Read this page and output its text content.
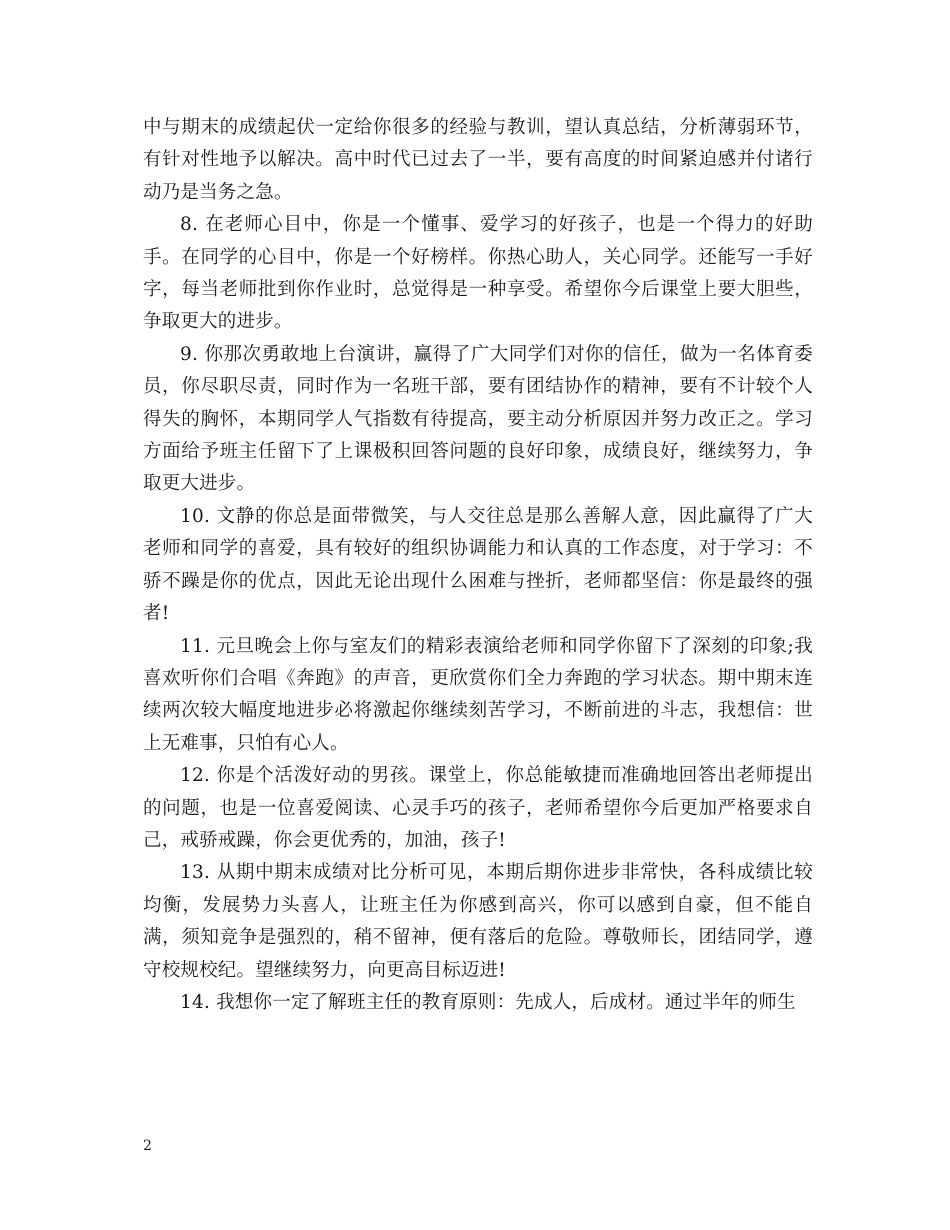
中与期末的成绩起伏一定给你很多的经验与教训，望认真总结，分析薄弱环节，有针对性地予以解决。高中时代已过去了一半，要有高度的时间紧迫感并付诸行动乃是当务之急。

8. 在老师心目中，你是一个懂事、爱学习的好孩子，也是一个得力的好助手。在同学的心目中，你是一个好榜样。你热心助人，关心同学。还能写一手好字，每当老师批到你作业时，总觉得是一种享受。希望你今后课堂上要大胆些，争取更大的进步。

9. 你那次勇敢地上台演讲，赢得了广大同学们对你的信任，做为一名体育委员，你尽职尽责，同时作为一名班干部，要有团结协作的精神，要有不计较个人得失的胸怀，本期同学人气指数有待提高，要主动分析原因并努力改正之。学习方面给予班主任留下了上课极积回答问题的良好印象，成绩良好，继续努力，争取更大进步。

10. 文静的你总是面带微笑，与人交往总是那么善解人意，因此赢得了广大老师和同学的喜爱，具有较好的组织协调能力和认真的工作态度，对于学习：不骄不躁是你的优点，因此无论出现什么困难与挫折，老师都坚信：你是最终的强者!

11. 元旦晚会上你与室友们的精彩表演给老师和同学你留下了深刻的印象;我喜欢听你们合唱《奔跑》的声音，更欣赏你们全力奔跑的学习状态。期中期末连续两次较大幅度地进步必将激起你继续刻苦学习，不断前进的斗志，我想信：世上无难事，只怕有心人。

12. 你是个活泼好动的男孩。课堂上，你总能敏捷而准确地回答出老师提出的问题，也是一位喜爱阅读、心灵手巧的孩子，老师希望你今后更加严格要求自己，戒骄戒躁，你会更优秀的，加油，孩子!

13. 从期中期末成绩对比分析可见，本期后期你进步非常快，各科成绩比较均衡，发展势力头喜人，让班主任为你感到高兴，你可以感到自豪，但不能自满，须知竞争是强烈的，稍不留神，便有落后的危险。尊敬师长，团结同学，遵守校规校纪。望继续努力，向更高目标迈进!

14. 我想你一定了解班主任的教育原则：先成人，后成材。通过半年的师生

2
